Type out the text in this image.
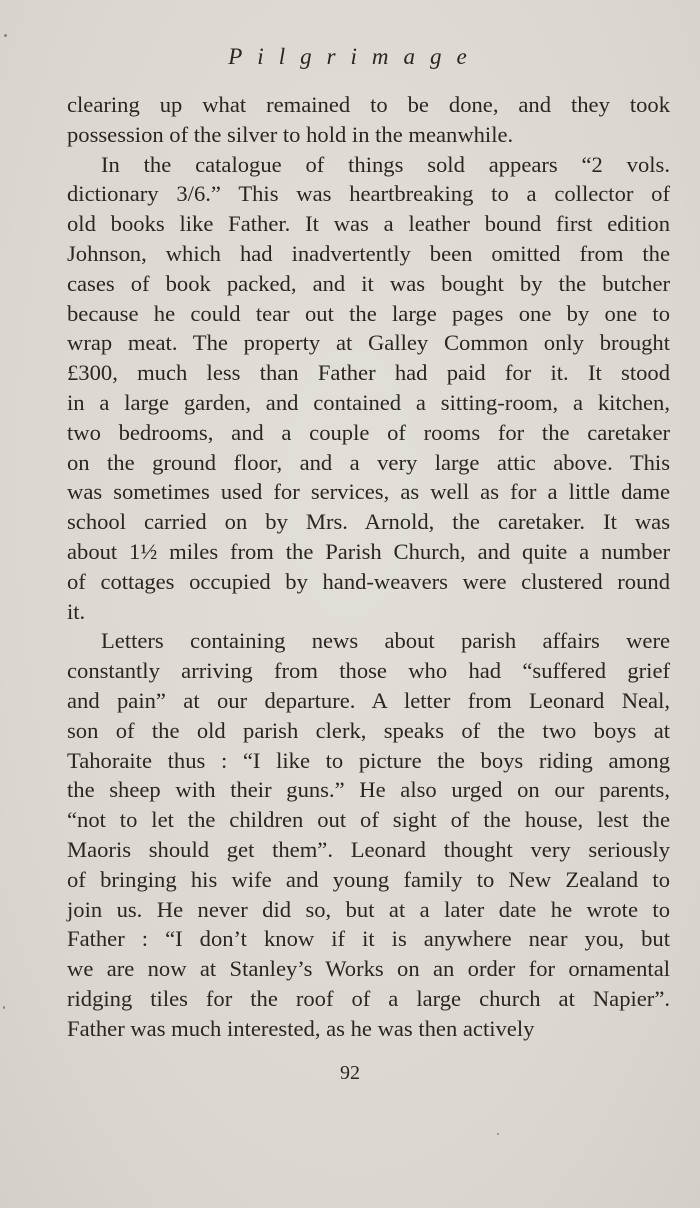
Pilgrimage
clearing up what remained to be done, and they took
possession of the silver to hold in the meanwhile.
In the catalogue of things sold appears “2 vols.
dictionary 3/6.” This was heartbreaking to a collector of
old books like Father. It was a leather bound first edition
Johnson, which had inadvertently been omitted from the
cases of book packed, and it was bought by the butcher
because he could tear out the large pages one by one to
wrap meat. The property at Galley Common only brought
£300, much less than Father had paid for it. It stood
in a large garden, and contained a sitting-room, a kitchen,
two bedrooms, and a couple of rooms for the caretaker
on the ground floor, and a very large attic above. This
was sometimes used for services, as well as for a little dame
school carried on by Mrs. Arnold, the caretaker. It was
about 1½ miles from the Parish Church, and quite a number
of cottages occupied by hand-weavers were clustered round
it.
Letters containing news about parish affairs were
constantly arriving from those who had “suffered grief
and pain” at our departure. A letter from Leonard Neal,
son of the old parish clerk, speaks of the two boys at
Tahoraite thus : “I like to picture the boys riding among
the sheep with their guns.” He also urged on our parents,
“not to let the children out of sight of the house, lest the
Maoris should get them”. Leonard thought very seriously
of bringing his wife and young family to New Zealand to
join us. He never did so, but at a later date he wrote to
Father : “I don’t know if it is anywhere near you, but
we are now at Stanley’s Works on an order for ornamental
ridging tiles for the roof of a large church at Napier”.
Father was much interested, as he was then actively
92
